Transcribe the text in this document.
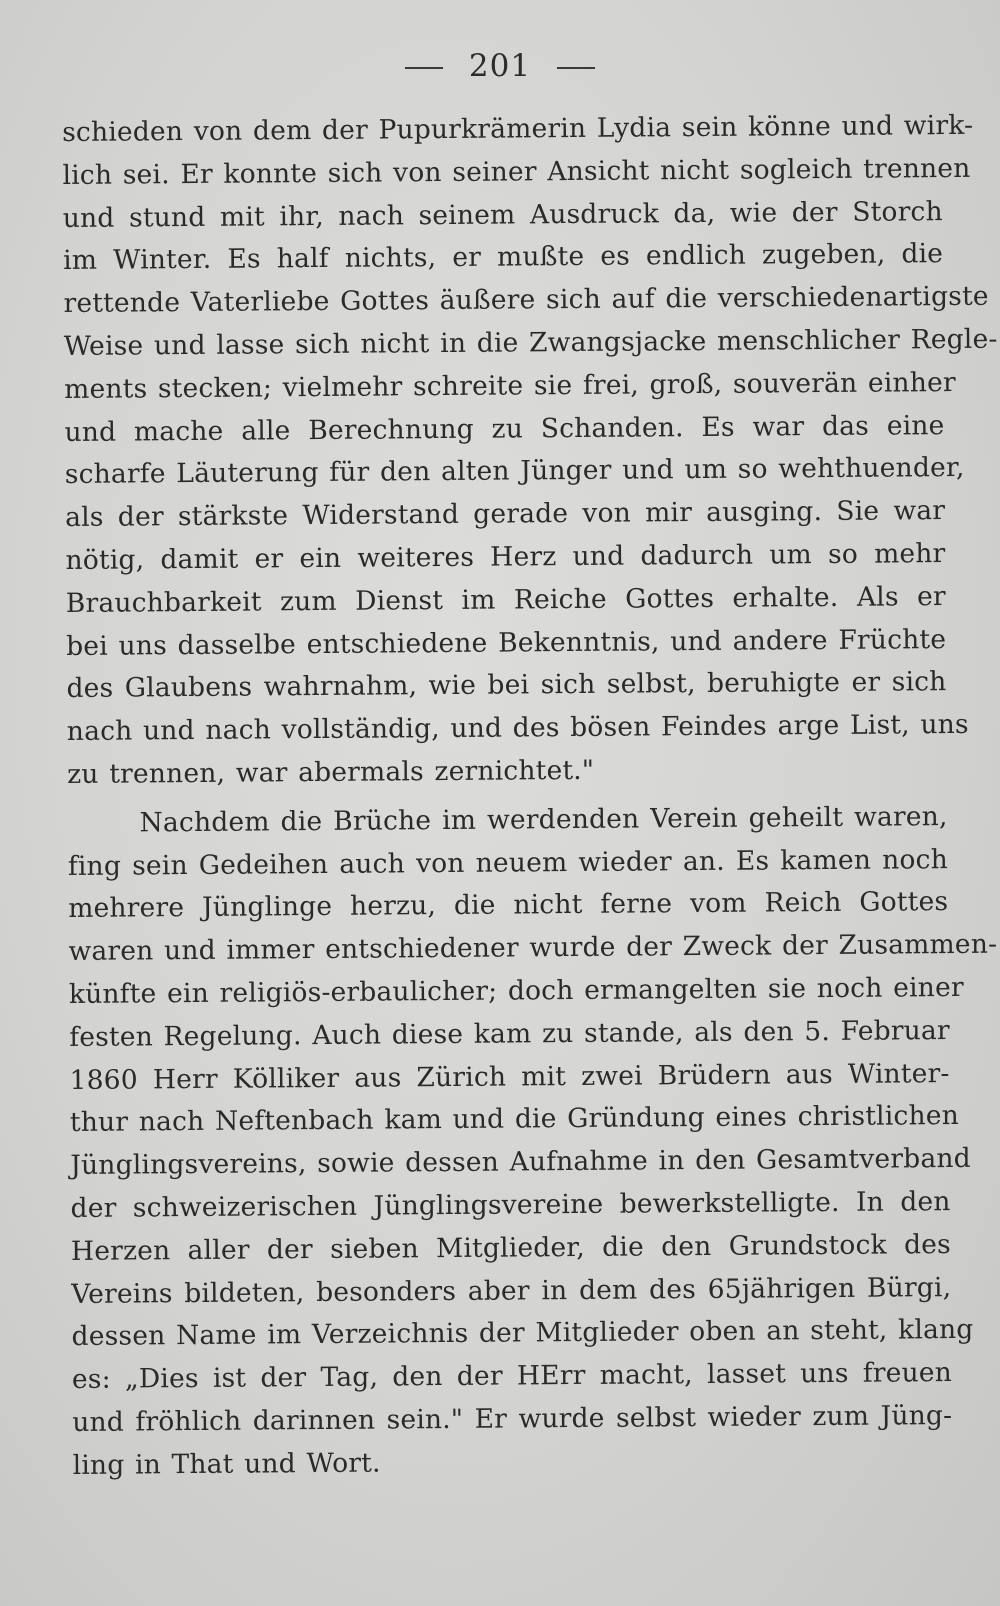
201
schieden von dem der Pupurkrämerin Lydia sein könne und wirk-
lich sei. Er konnte sich von seiner Ansicht nicht sogleich trennen
und stund mit ihr, nach seinem Ausdruck da, wie der Storch
im Winter. Es half nichts, er mußte es endlich zugeben, die
rettende Vaterliebe Gottes äußere sich auf die verschiedenartigste
Weise und lasse sich nicht in die Zwangsjacke menschlicher Regle-
ments stecken; vielmehr schreite sie frei, groß, souverän einher
und mache alle Berechnung zu Schanden. Es war das eine
scharfe Läuterung für den alten Jünger und um so wehthuender,
als der stärkste Widerstand gerade von mir ausging. Sie war
nötig, damit er ein weiteres Herz und dadurch um so mehr
Brauchbarkeit zum Dienst im Reiche Gottes erhalte. Als er
bei uns dasselbe entschiedene Bekenntnis, und andere Früchte
des Glaubens wahrnahm, wie bei sich selbst, beruhigte er sich
nach und nach vollständig, und des bösen Feindes arge List, uns
zu trennen, war abermals zernichtet."
Nachdem die Brüche im werdenden Verein geheilt waren,
fing sein Gedeihen auch von neuem wieder an. Es kamen noch
mehrere Jünglinge herzu, die nicht ferne vom Reich Gottes
waren und immer entschiedener wurde der Zweck der Zusammen-
künfte ein religiös-erbaulicher; doch ermangelten sie noch einer
festen Regelung. Auch diese kam zu stande, als den 5. Februar
1860 Herr Kölliker aus Zürich mit zwei Brüdern aus Winter-
thur nach Neftenbach kam und die Gründung eines christlichen
Jünglingsvereins, sowie dessen Aufnahme in den Gesamtverband
der schweizerischen Jünglingsvereine bewerkstelligte. In den
Herzen aller der sieben Mitglieder, die den Grundstock des
Vereins bildeten, besonders aber in dem des 65jährigen Bürgi,
dessen Name im Verzeichnis der Mitglieder oben an steht, klang
es: „Dies ist der Tag, den der HErr macht, lasset uns freuen
und fröhlich darinnen sein." Er wurde selbst wieder zum Jüng-
ling in That und Wort.
